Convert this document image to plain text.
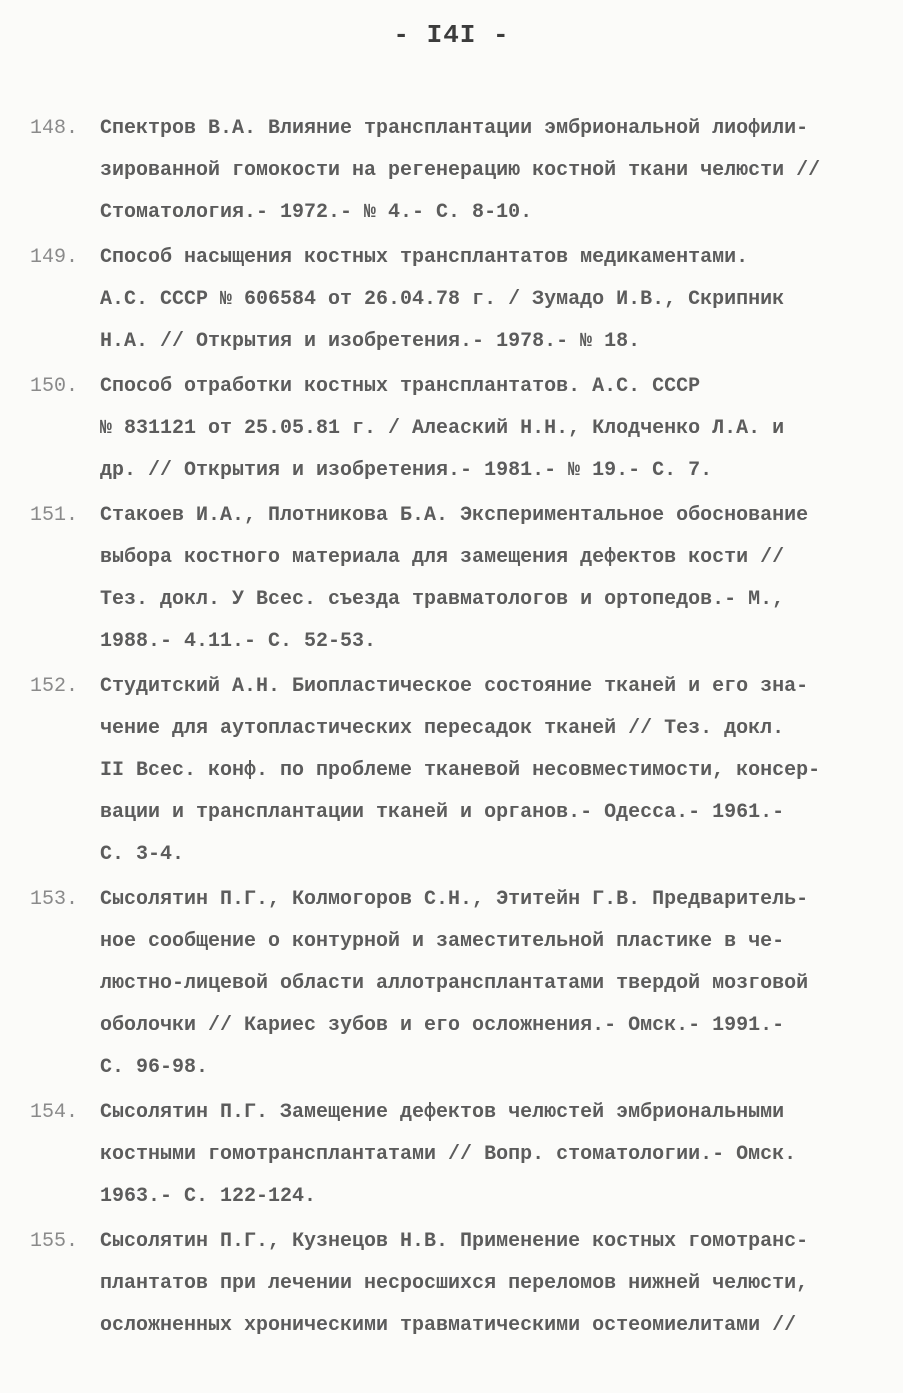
- I4I -
148. Спектров В.А. Влияние трансплантации эмбриональной лиофили-
зированной гомокости на регенерацию костной ткани челюсти //
Стоматология.- 1972.- № 4.- С. 8-10.
149. Способ насыщения костных трансплантатов медикаментами.
А.С. СССР № 606584 от 26.04.78 г. / Зумадо И.В., Скрипник
Н.А. // Открытия и изобретения.- 1978.- № 18.
150. Способ отработки костных трансплантатов. А.С. СССР
№ 831121 от 25.05.81 г. / Алеаский Н.Н., Клодченко Л.А. и
др. // Открытия и изобретения.- 1981.- № 19.- С. 7.
151. Стакоев И.А., Плотникова Б.А. Экспериментальное обоснование
выбора костного материала для замещения дефектов кости //
Тез. докл. У Всес. съезда травматологов и ортопедов.- М.,
1988.- 4.11.- С. 52-53.
152. Студитский А.Н. Биопластическое состояние тканей и его зна-
чение для аутопластических пересадок тканей // Тез. докл.
II Всес. конф. по проблеме тканевой несовместимости, консер-
вации и трансплантации тканей и органов.- Одесса.- 1961.-
С. 3-4.
153. Сысолятин П.Г., Колмогоров С.Н., Этитейн Г.В. Предваритель-
ное сообщение о контурной и заместительной пластике в че-
люстно-лицевой области аллотрансплантатами твердой мозговой
оболочки // Кариес зубов и его осложнения.- Омск.- 1991.-
С. 96-98.
154. Сысолятин П.Г. Замещение дефектов челюстей эмбриональными
костными гомотрансплантатами // Вопр. стоматологии.- Омск.
1963.- С. 122-124.
155. Сысолятин П.Г., Кузнецов Н.В. Применение костных гомотранс-
плантатов при лечении несросшихся переломов нижней челюсти,
осложненных хроническими травматическими остеомиелитами //
